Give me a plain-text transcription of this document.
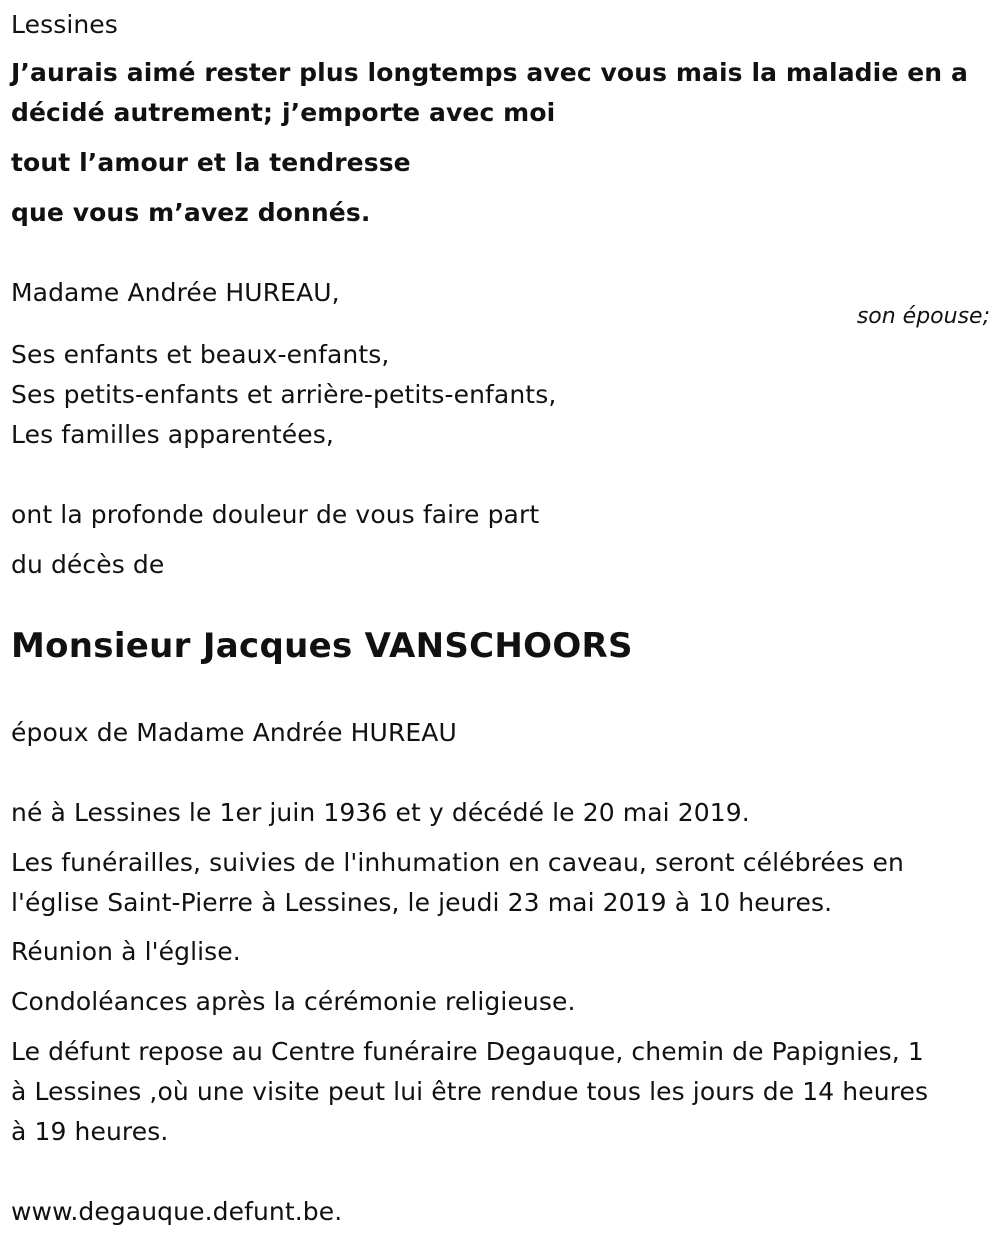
Lessines

J’aurais aimé rester plus longtemps avec vous mais la maladie en a

décidé autrement; j’emporte avec moi

tout l’amour et la tendresse

que vous m’avez donnés.

Madame Andrée HUREAU,

son épouse;

Ses enfants et beaux-enfants,

Ses petits-enfants et arrière-petits-enfants,

Les familles apparentées,

ont la profonde douleur de vous faire part

du décès de

Monsieur Jacques VANSCHOORS

époux de Madame Andrée HUREAU

né à Lessines le 1er juin 1936 et y décédé le 20 mai 2019.

Les funérailles, suivies de l'inhumation en caveau, seront célébrées en

l'église Saint-Pierre à Lessines, le jeudi 23 mai 2019 à 10 heures.

Réunion à l'église.

Condoléances après la cérémonie religieuse.

Le défunt repose au Centre funéraire Degauque, chemin de Papignies, 1

à Lessines ,où une visite peut lui être rendue tous les jours de 14 heures

à 19 heures.

www.degauque.defunt.be.
